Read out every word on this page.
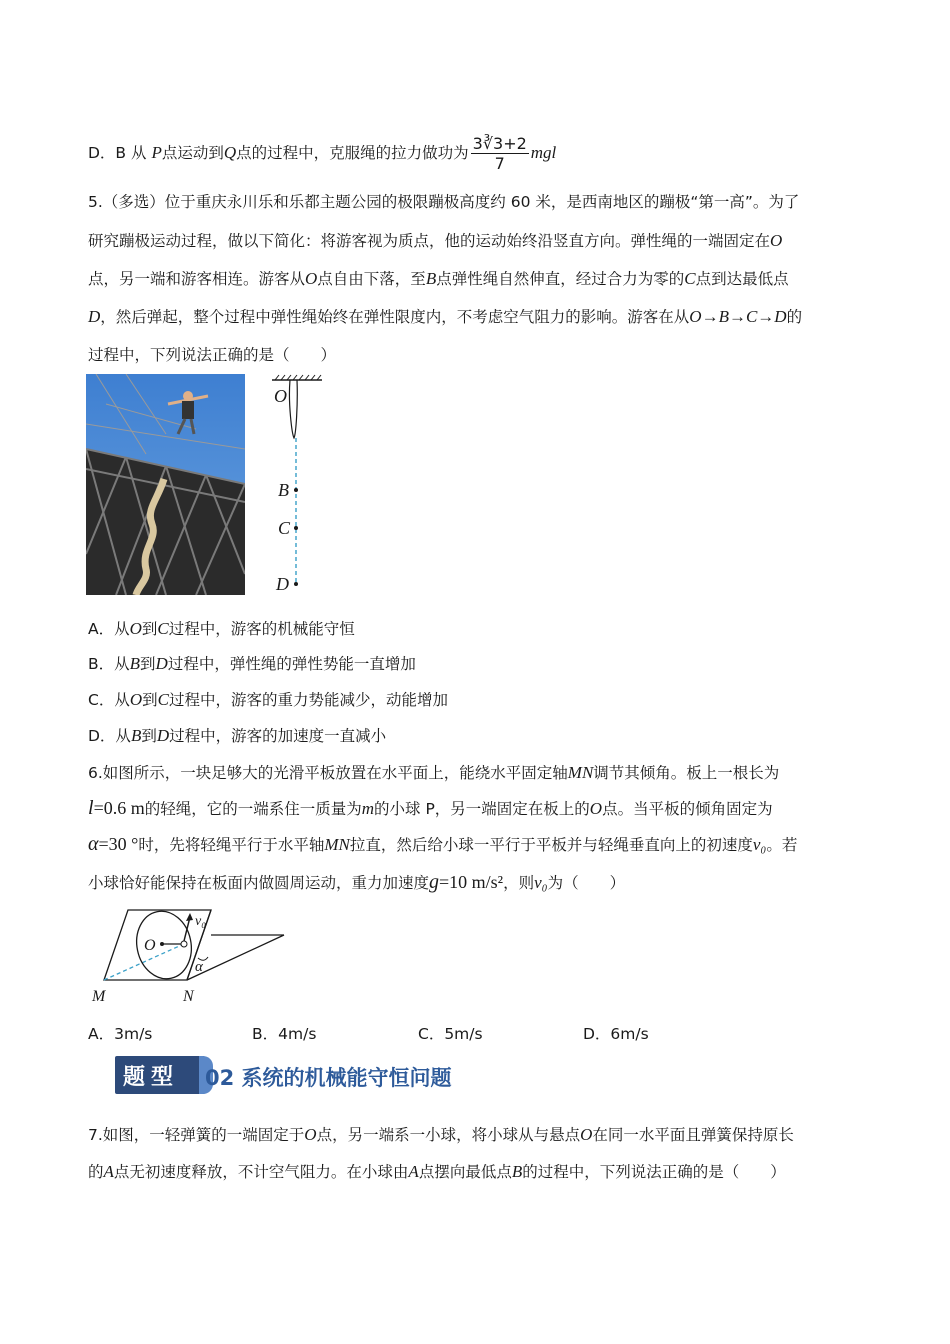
D．B 从 P点运动到Q点的过程中，克服绳的拉力做功为 $\frac{3∛3+2}{7}$ mgl
5.（多选）位于重庆永川乐和乐都主题公园的极限蹦极高度约 60 米，是西南地区的蹦极“第一高”。为了
研究蹦极运动过程，做以下简化：将游客视为质点，他的运动始终沿竖直方向。弹性绳的一端固定在O
点，另一端和游客相连。游客从O点自由下落，至B点弹性绳自然伸直，经过合力为零的C点到达最低点
D，然后弹起，整个过程中弹性绳始终在弹性限度内，不考虑空气阻力的影响。游客在从O→B→C→D的
过程中，下列说法正确的是（　　）
O
B
C
D
A．从O到C过程中，游客的机械能守恒
B．从B到D过程中，弹性绳的弹性势能一直增加
C．从O到C过程中，游客的重力势能减少，动能增加
D．从B到D过程中，游客的加速度一直减小
6.如图所示，一块足够大的光滑平板放置在水平面上，能绕水平固定轴MN调节其倾角。板上一根长为
l=0.6 m的轻绳，它的一端系住一质量为m的小球 P，另一端固定在板上的O点。当平板的倾角固定为
α=30 °时，先将轻绳平行于水平轴MN拉直，然后给小球一平行于平板并与轻绳垂直向上的初速度v₀。若
小球恰好能保持在板面内做圆周运动，重力加速度g=10 m/s²，则v₀为（　　）
O
v₀
α
M	N
A．3m/s	B．4m/s	C．5m/s	D．6m/s
题型 02 系统的机械能守恒问题
7.如图，一轻弹簧的一端固定于O点，另一端系一小球，将小球从与悬点O在同一水平面且弹簧保持原长
的A点无初速度释放，不计空气阻力。在小球由A点摆向最低点B的过程中，下列说法正确的是（　　）
